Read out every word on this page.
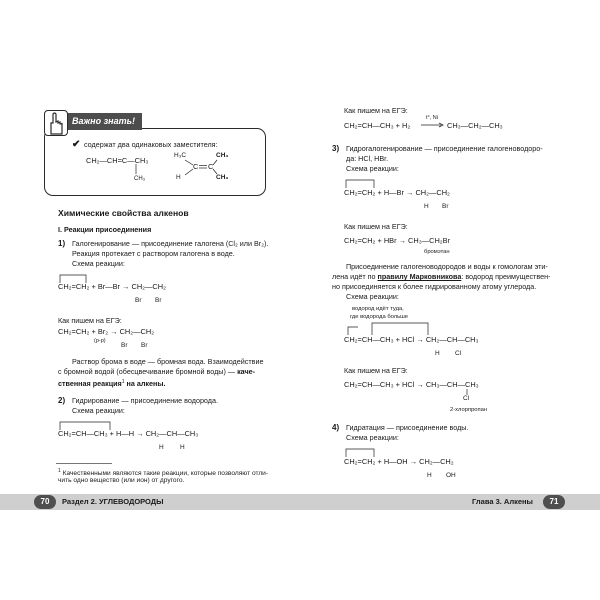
Важно знать!
✔ содержат два одинаковых заместителя:
CH₂—CH=C—CH₃
CH₃
H₃C	CH₃
C C
CH₃
H
Химические свойства алкенов
I. Реакции присоединения
1) Галогенирование — присоединение галогена (Cl₂ или Br₂).
Реакция протекает с раствором галогена в воде.
Схема реакции:
CH₂=CH₂ + Br—Br → CH₂—CH₂
Br Br
Как пишем на ЕГЭ:
CH₂=CH₂ + Br₂ → CH₂—CH₂
(р-р)
Br Br
Раствор брома в воде — бромная вода. Взаимодействие
с бромной водой (обесцвечивание бромной воды) — каче-
ственная реакция$^1$ на алкены.
2) Гидрирование — присоединение водорода.
Схема реакции:
CH₂=CH—CH₃ + H—H → CH₂—CH—CH₃
H	H
$^1$ Качественными являются такие реакции, которые позволяют отли-
чить одно вещество (или ион) от другого.
70	Раздел 2. УГЛЕВОДОРОДЫ
Как пишем на ЕГЭ:
CH₂=CH—CH₃ + H₂
t°, Ni
→ CH₃—CH₂—CH₃
3) Гидрогалогенирование — присоединение галогеноводоро-
да: HCl, HBr.
Схема реакции:
CH₂=CH₂ + H—Br → CH₂—CH₂
H Br
Как пишем на ЕГЭ:
CH₂=CH₂ + HBr → CH₃—CH₂Br
бромэтан
Присоединение галогеноводородов и воды к гомологам эти-
лена идёт по правилу Марковникова: водород преимуществен-
но присоединяется к более гидрированному атому углерода.
Схема реакции:
водород идёт туда,
где водорода больше
CH₂=CH—CH₃ + HCl → CH₂—CH—CH₃
H Cl
Как пишем на ЕГЭ:
CH₂=CH—CH₃ + HCl → CH₃—CH—CH₃
Cl
2-хлорпропан
4) Гидратация — присоединение воды.
Схема реакции:
CH₂=CH₂ + H—OH → CH₂—CH₂
H OH
Глава 3. Алкены	71
